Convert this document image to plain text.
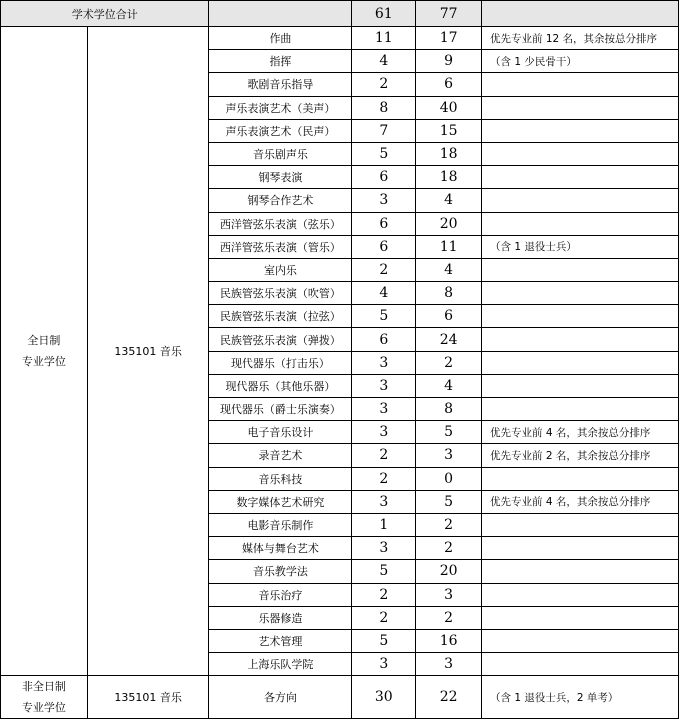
学术学位合计			61	77	
全日制
专业学位	135101 音乐	作曲	11	17	优先专业前 12 名，其余按总分排序
		指挥	4	9	（含 1 少民骨干）
		歌剧音乐指导	2	6	
		声乐表演艺术（美声）	8	40	
		声乐表演艺术（民声）	7	15	
		音乐剧声乐	5	18	
		钢琴表演	6	18	
		钢琴合作艺术	3	4	
		西洋管弦乐表演（弦乐）	6	20	
		西洋管弦乐表演（管乐）	6	11	（含 1 退役士兵）
		室内乐	2	4	
		民族管弦乐表演（吹管）	4	8	
		民族管弦乐表演（拉弦）	5	6	
		民族管弦乐表演（弹拨）	6	24	
		现代器乐（打击乐）	3	2	
		现代器乐（其他乐器）	3	4	
		现代器乐（爵士乐演奏）	3	8	
		电子音乐设计	3	5	优先专业前 4 名，其余按总分排序
		录音艺术	2	3	优先专业前 2 名，其余按总分排序
		音乐科技	2	0	
		数字媒体艺术研究	3	5	优先专业前 4 名，其余按总分排序
		电影音乐制作	1	2	
		媒体与舞台艺术	3	2	
		音乐教学法	5	20	
		音乐治疗	2	3	
		乐器修造	2	2	
		艺术管理	5	16	
		上海乐队学院	3	3	
非全日制
专业学位	135101 音乐	各方向	30	22	（含 1 退役士兵，2 单考）
